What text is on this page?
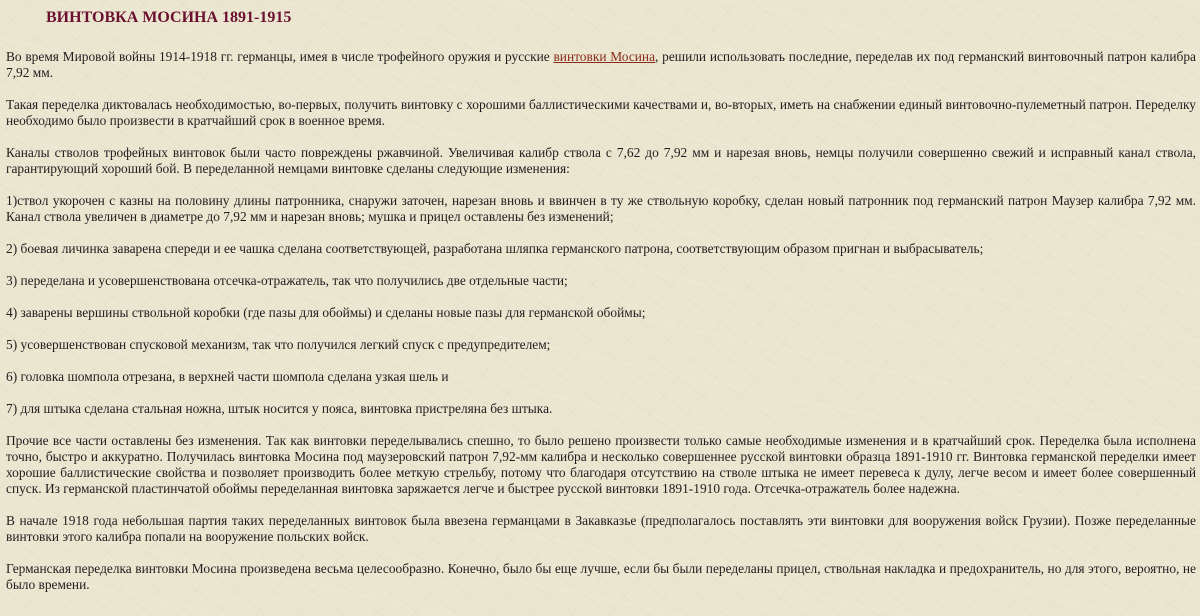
ВИНТОВКА МОСИНА 1891-1915

Во время Мировой войны 1914-1918 гг. германцы, имея в числе трофейного оружия и русские винтовки Мосина, решили использовать последние, переделав их под германский винтовочный патрон калибра 7,92 мм.

Такая переделка диктовалась необходимостью, во-первых, получить винтовку с хорошими баллистическими качествами и, во-вторых, иметь на снабжении единый винтовочно-пулеметный патрон. Переделку необходимо было произвести в кратчайший срок в военное время.

Каналы стволов трофейных винтовок были часто повреждены ржавчиной. Увеличивая калибр ствола с 7,62 до 7,92 мм и нарезая вновь, немцы получили совершенно свежий и исправный канал ствола, гарантирующий хороший бой. В переделанной немцами винтовке сделаны следующие изменения:

1)ствол укорочен с казны на половину длины патронника, снаружи заточен, нарезан вновь и ввинчен в ту же ствольную коробку, сделан новый патронник под германский патрон Маузер калибра 7,92 мм. Канал ствола увеличен в диаметре до 7,92 мм и нарезан вновь; мушка и прицел оставлены без изменений;

2) боевая личинка заварена спереди и ее чашка сделана соответствующей, разработана шляпка германского патрона, соответствующим образом пригнан и выбрасыватель;

3) переделана и усовершенствована отсечка-отражатель, так что получились две отдельные части;

4) заварены вершины ствольной коробки (где пазы для обоймы) и сделаны новые пазы для германской обоймы;

5) усовершенствован спусковой механизм, так что получился легкий спуск с предупредителем;

6) головка шомпола отрезана, в верхней части шомпола сделана узкая шель и

7) для штыка сделана стальная ножна, штык носится у пояса, винтовка пристреляна без штыка.

Прочие все части оставлены без изменения. Так как винтовки переделывались спешно, то было решено произвести только самые необходимые изменения и в кратчайший срок. Переделка была исполнена точно, быстро и аккуратно. Получилась винтовка Мосина под маузеровский патрон 7,92-мм калибра и несколько совершеннее русской винтовки образца 1891-1910 гг. Винтовка германской переделки имеет хорошие баллистические свойства и позволяет производить более меткую стрельбу, потому что благодаря отсутствию на стволе штыка не имеет перевеса к дулу, легче весом и имеет более совершенный спуск. Из германской пластинчатой обоймы переделанная винтовка заряжается легче и быстрее русской винтовки 1891-1910 года. Отсечка-отражатель более надежна.

В начале 1918 года небольшая партия таких переделанных винтовок была ввезена германцами в Закавказье (предполагалось поставлять эти винтовки для вооружения войск Грузии). Позже переделанные винтовки этого калибра попали на вооружение польских войск.

Германская переделка винтовки Мосина произведена весьма целесообразно. Конечно, было бы еще лучше, если бы были переделаны прицел, ствольная накладка и предохранитель, но для этого, вероятно, не было времени.
